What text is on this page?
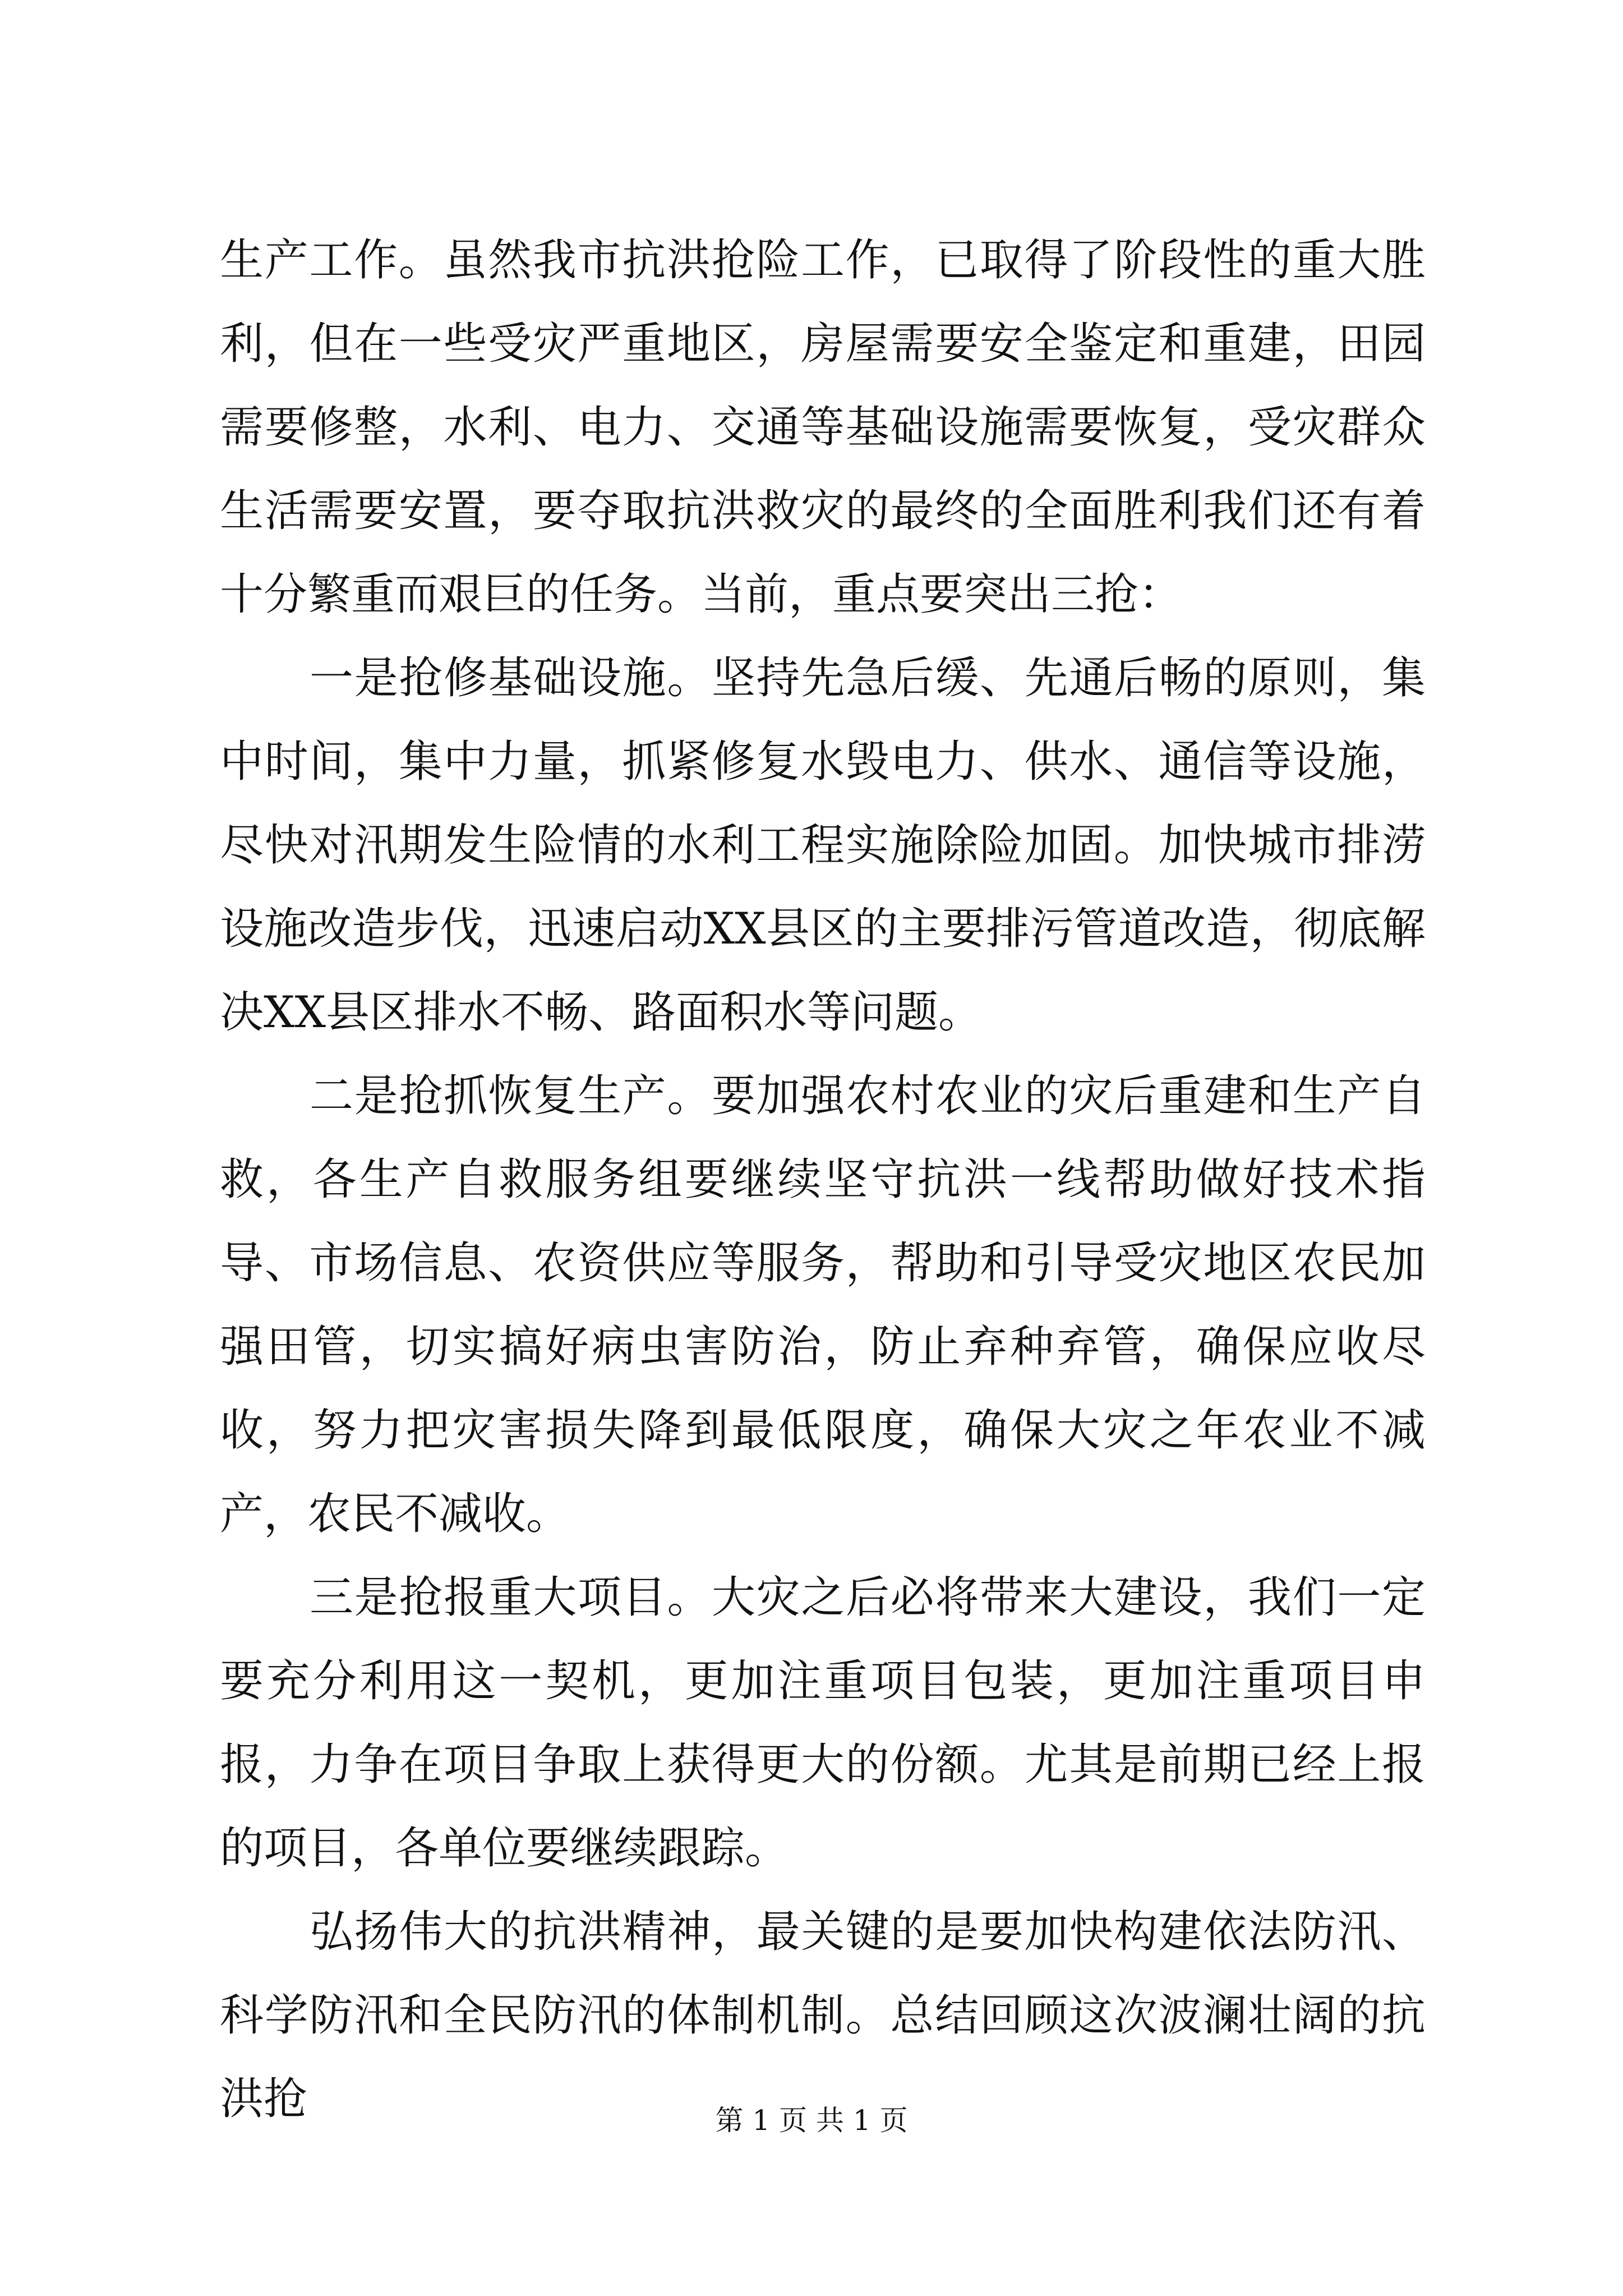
生产工作。虽然我市抗洪抢险工作，已取得了阶段性的重大胜利，但在一些受灾严重地区，房屋需要安全鉴定和重建，田园需要修整，水利、电力、交通等基础设施需要恢复，受灾群众生活需要安置，要夺取抗洪救灾的最终的全面胜利我们还有着十分繁重而艰巨的任务。当前，重点要突出三抢：

一是抢修基础设施。坚持先急后缓、先通后畅的原则，集中时间，集中力量，抓紧修复水毁电力、供水、通信等设施，尽快对汛期发生险情的水利工程实施除险加固。加快城市排涝设施改造步伐，迅速启动XX县区的主要排污管道改造，彻底解决XX县区排水不畅、路面积水等问题。

二是抢抓恢复生产。要加强农村农业的灾后重建和生产自救，各生产自救服务组要继续坚守抗洪一线帮助做好技术指导、市场信息、农资供应等服务，帮助和引导受灾地区农民加强田管，切实搞好病虫害防治，防止弃种弃管，确保应收尽收，努力把灾害损失降到最低限度，确保大灾之年农业不减产，农民不减收。

三是抢报重大项目。大灾之后必将带来大建设，我们一定要充分利用这一契机，更加注重项目包装，更加注重项目申报，力争在项目争取上获得更大的份额。尤其是前期已经上报的项目，各单位要继续跟踪。

弘扬伟大的抗洪精神，最关键的是要加快构建依法防汛、科学防汛和全民防汛的体制机制。总结回顾这次波澜壮阔的抗洪抢	第 1 页 共 1 页
